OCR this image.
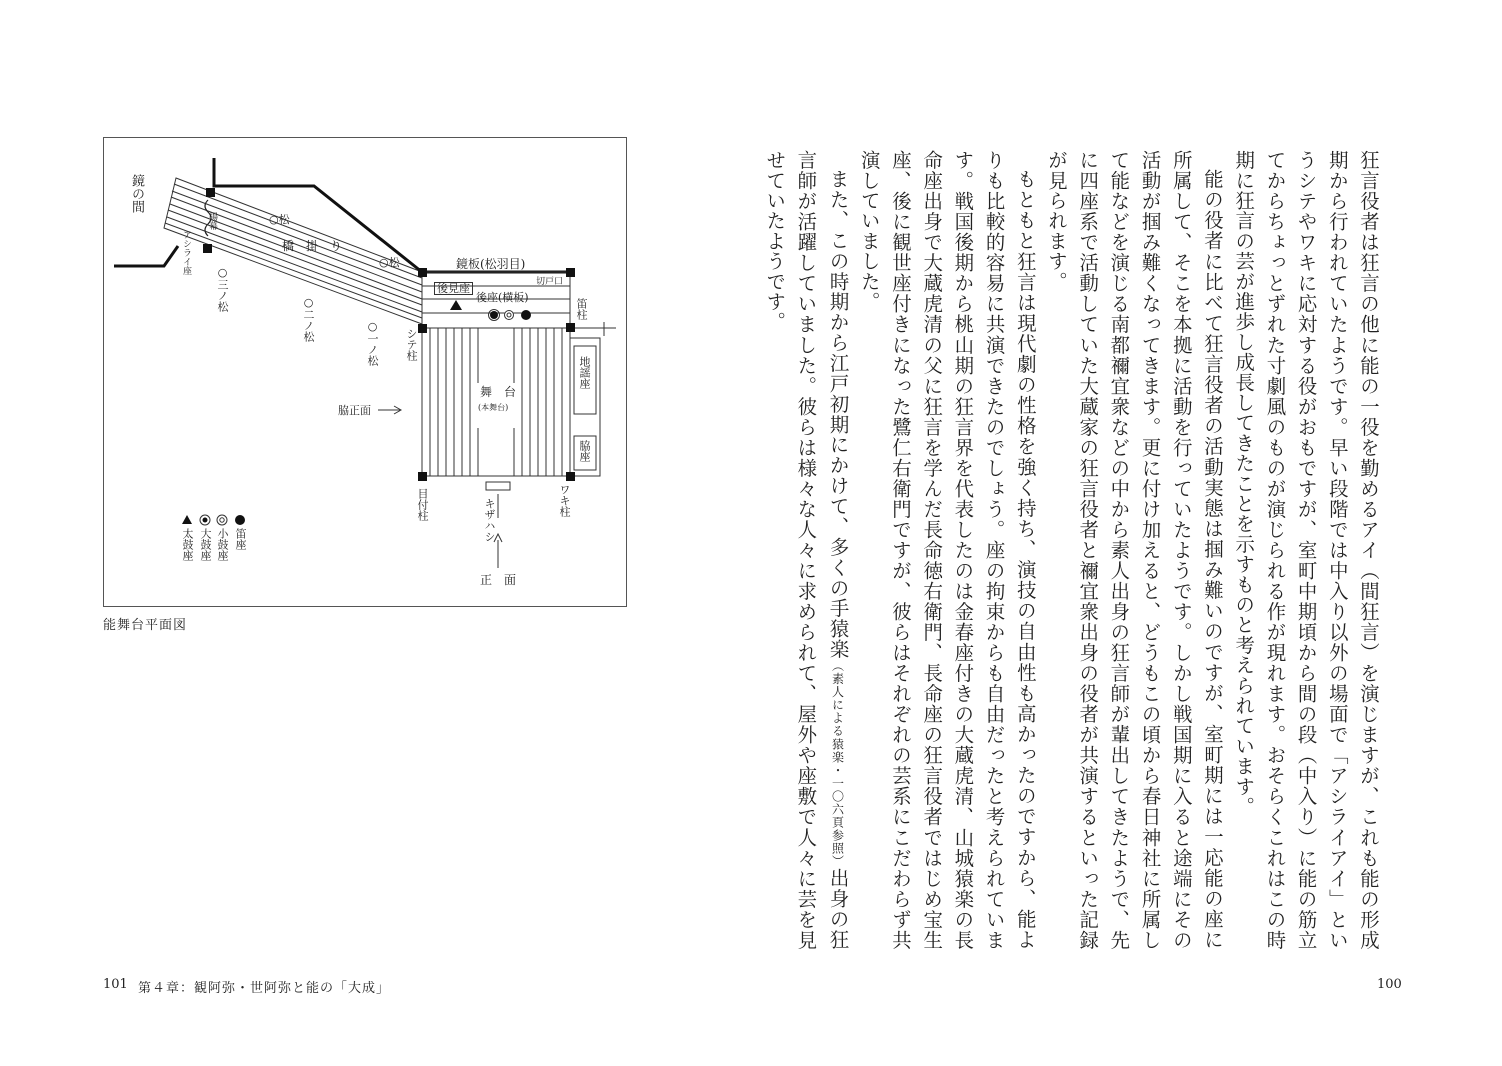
鏡の間
揚幕
アシライ座
○松
橋　掛　り
○松
○三ノ松
○二ノ松
○一ノ松
鏡板(松羽目)
後見座	切戸口
後座(横板)
笛柱
シテ柱
舞　台
(本舞台)
地謡座
脇正面
脇座
目付柱	キザハシ	ワキ柱
正　面
笛座
小鼓座
大鼓座
太鼓座
能舞台平面図
101 第４章：観阿弥・世阿弥と能の「大成」

狂言役者は狂言の他に能の一役を勤めるアイ（間狂言）を演じますが、これも能の形成期から行われていたようです。早い段階では中入り以外の場面で「アシライアイ」というシテやワキに応対する役がおもですが、室町中期頃から間の段（中入り）に能の筋立てからちょっとずれた寸劇風のものが演じられる作が現れます。おそらくこれはこの時期に狂言の芸が進歩し成長してきたことを示すものと考えられています。

能の役者に比べて狂言役者の活動実態は掴み難いのですが、室町期には一応能の座に所属して、そこを本拠に活動を行っていたようです。しかし戦国期に入ると途端にその活動が掴み難くなってきます。更に付け加えると、どうもこの頃から春日神社に所属して能などを演じる南都禰宜衆などの中から素人出身の狂言師が輩出してきたようで、先に四座系で活動していた大蔵家の狂言役者と禰宜衆出身の役者が共演するといった記録が見られます。

もともと狂言は現代劇の性格を強く持ち、演技の自由性も高かったのですから、能よりも比較的容易に共演できたのでしょう。座の拘束からも自由だったと考えられています。戦国後期から桃山期の狂言界を代表したのは金春座付きの大蔵虎清、山城猿楽の長命座出身で大蔵虎清の父に狂言を学んだ長命徳右衛門、長命座の狂言役者ではじめ宝生座、後に観世座付きになった鷺仁右衛門ですが、彼らはそれぞれの芸系にこだわらず共演していました。

また、この時期から江戸初期にかけて、多くの手猿楽（素人による猿楽・一〇六頁参照）出身の狂言師が活躍していました。彼らは様々な人々に求められて、屋外や座敷で人々に芸を見せていたようです。

100
